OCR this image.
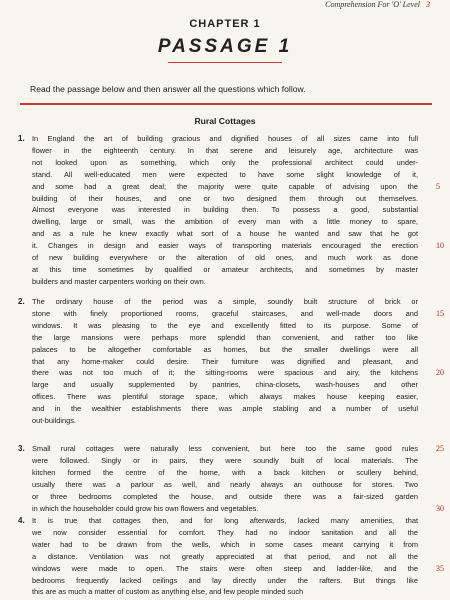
Comprehension For 'O' Level 3
CHAPTER 1
PASSAGE 1
Read the passage below and then answer all the questions which follow.
Rural Cottages
1. In England the art of building gracious and dignified houses of all sizes came into full
flower in the eighteenth century. In that serene and leisurely age, architecture was
not looked upon as something, which only the professional architect could under-
stand. All well-educated men were expected to have some slight knowledge of it,
and some had a great deal; the majority were quite capable of advising upon the
building of their houses, and one or two designed them through out themselves.
Almost everyone was interested in building then. To possess a good, substantial
dwelling, large or small, was the ambition of every man with a little money to spare,
and as a rule he knew exactly what sort of a house he wanted and saw that he got
it. Changes in design and easier ways of transporting materials encouraged the erection
of new building everywhere or the alteration of old ones, and much work as done
at this time sometimes by qualified or amateur architects, and sometimes by master
builders and master carpenters working on their own.
2. The ordinary house of the period was a simple, soundly built structure of brick or
stone with finely proportioned rooms, graceful staircases, and well-made doors and
windows. It was pleasing to the eye and excellently fitted to its purpose. Some of
the large mansions were perhaps more splendid than convenient, and rather too like
palaces to be altogether comfortable as homes, but the smaller dwellings were all
that any home-maker could desire. Their furniture was dignified and pleasant, and
there was not too much of it; the sitting-rooms were spacious and airy, the kitchens
large and usually supplemented by pantries, china-closets, wash-houses and other
offices. There was plentiful storage space, which always makes house keeping easier,
and in the wealthier establishments there was ample stabling and a number of useful
out-buildings.
3. Small rural cottages were naturally less convenient, but here too the same good rules
were followed. Singly or in pairs, they were soundly built of local materials. The
kitchen formed the centre of the home, with a back kitchen or scullery behind,
usually there was a parlour as well, and nearly always an outhouse for stores. Two
or three bedrooms completed the house, and outside there was a fair-sized garden
in which the householder could grow his own flowers and vegetables.
4. It is true that cottages then, and for long afterwards, lacked many amenities, that
we now consider essential for comfort. They had no indoor sanitation and all the
water had to be drawn from the wells, which in some cases meant carrying it from
a distance. Ventilation was not greatly appreciated at that period, and not all the
windows were made to open. The stairs were often steep and ladder-like, and the
bedrooms frequently lacked ceilings and lay directly under the rafters. But things like
this are as much a matter of custom as anything else, and few people minded such
5
10
15
20
25
30
35
